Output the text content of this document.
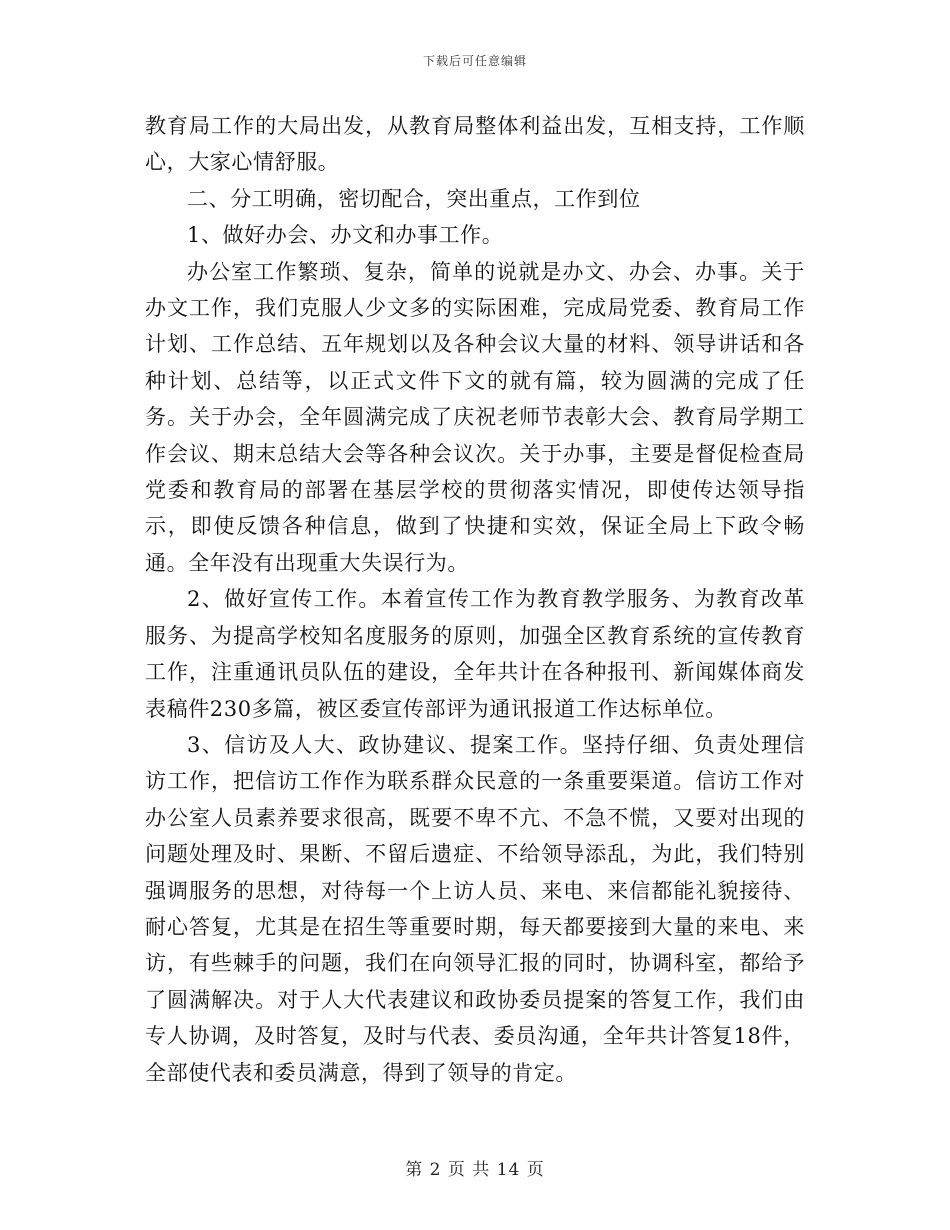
下载后可任意编辑

教育局工作的大局出发，从教育局整体利益出发，互相支持，工作顺心，大家心情舒服。

二、分工明确，密切配合，突出重点，工作到位

1、做好办会、办文和办事工作。

办公室工作繁琐、复杂，简单的说就是办文、办会、办事。关于办文工作，我们克服人少文多的实际困难，完成局党委、教育局工作计划、工作总结、五年规划以及各种会议大量的材料、领导讲话和各种计划、总结等，以正式文件下文的就有篇，较为圆满的完成了任务。关于办会，全年圆满完成了庆祝老师节表彰大会、教育局学期工作会议、期末总结大会等各种会议次。关于办事，主要是督促检查局党委和教育局的部署在基层学校的贯彻落实情况，即使传达领导指示，即使反馈各种信息，做到了快捷和实效，保证全局上下政令畅通。全年没有出现重大失误行为。

2、做好宣传工作。本着宣传工作为教育教学服务、为教育改革服务、为提高学校知名度服务的原则，加强全区教育系统的宣传教育工作，注重通讯员队伍的建设，全年共计在各种报刊、新闻媒体商发表稿件230多篇，被区委宣传部评为通讯报道工作达标单位。

3、信访及人大、政协建议、提案工作。坚持仔细、负责处理信访工作，把信访工作作为联系群众民意的一条重要渠道。信访工作对办公室人员素养要求很高，既要不卑不亢、不急不慌，又要对出现的问题处理及时、果断、不留后遗症、不给领导添乱，为此，我们特别强调服务的思想，对待每一个上访人员、来电、来信都能礼貌接待、耐心答复，尤其是在招生等重要时期，每天都要接到大量的来电、来访，有些棘手的问题，我们在向领导汇报的同时，协调科室，都给予了圆满解决。对于人大代表建议和政协委员提案的答复工作，我们由专人协调，及时答复，及时与代表、委员沟通，全年共计答复18件，全部使代表和委员满意，得到了领导的肯定。

第 2 页 共 14 页
